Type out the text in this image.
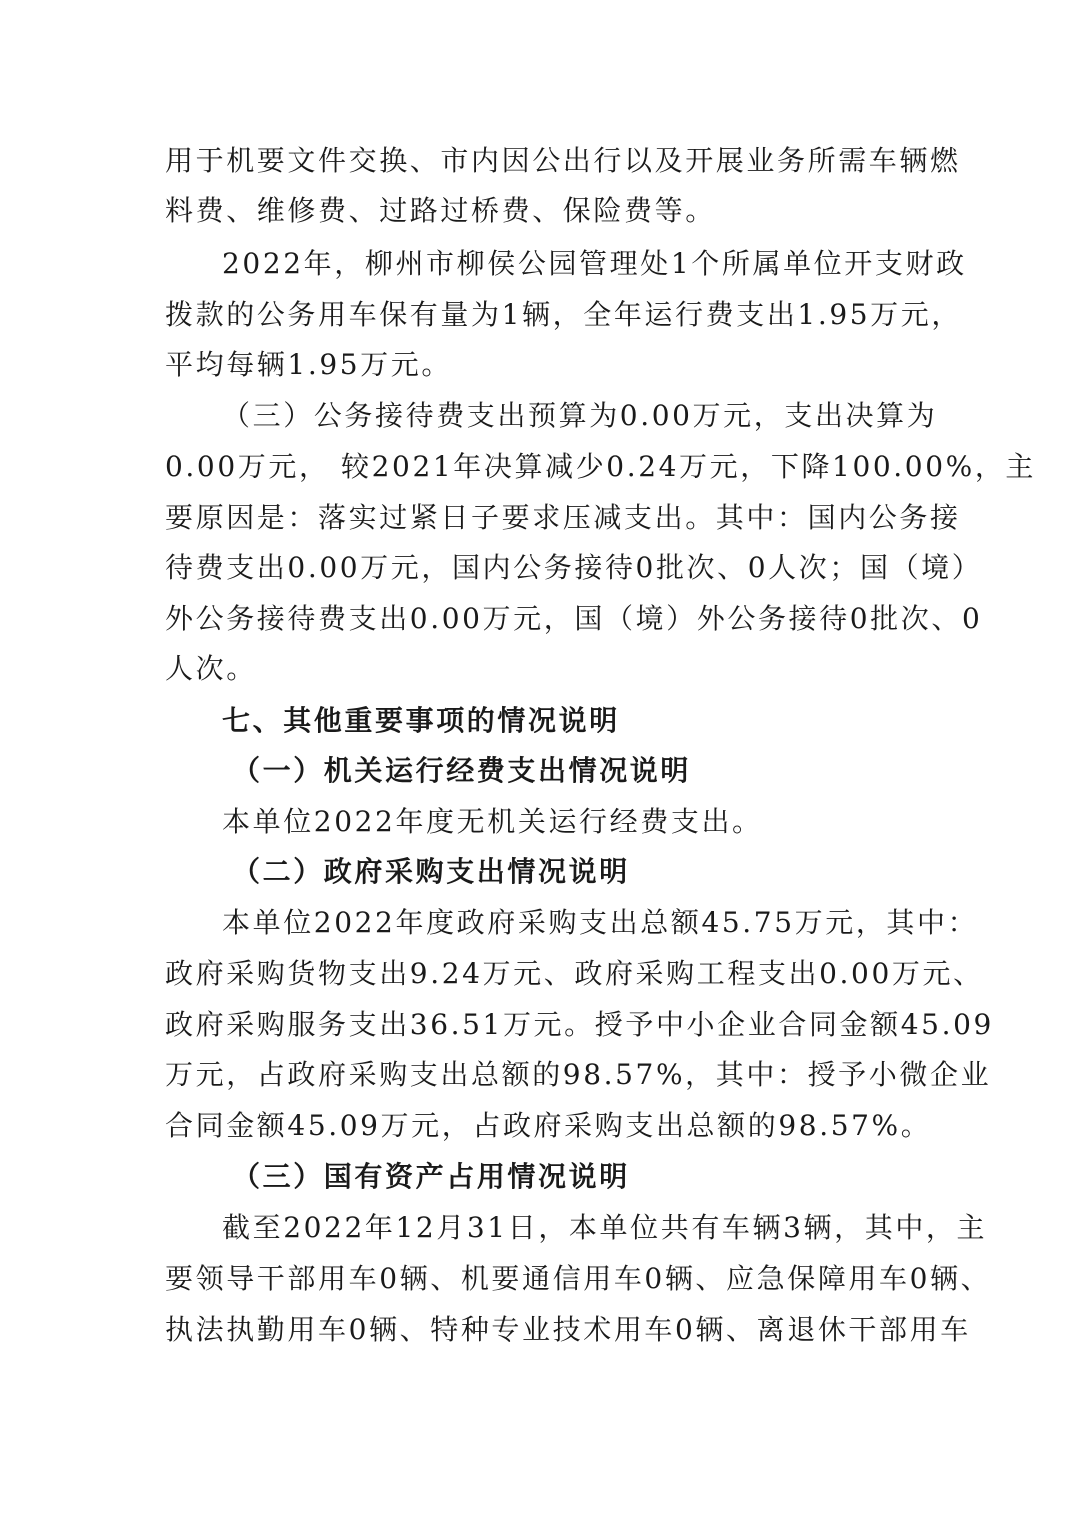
用于机要文件交换、市内因公出行以及开展业务所需车辆燃
料费、维修费、过路过桥费、保险费等。
2022年，柳州市柳侯公园管理处1个所属单位开支财政
拨款的公务用车保有量为1辆，全年运行费支出1.95万元，
平均每辆1.95万元。
（三）公务接待费支出预算为0.00万元，支出决算为
0.00万元， 较2021年决算减少0.24万元，下降100.00%，主
要原因是：落实过紧日子要求压减支出。其中：国内公务接
待费支出0.00万元，国内公务接待0批次、0人次；国（境）
外公务接待费支出0.00万元，国（境）外公务接待0批次、0
人次。
七、其他重要事项的情况说明
（一）机关运行经费支出情况说明
本单位2022年度无机关运行经费支出。
（二）政府采购支出情况说明
本单位2022年度政府采购支出总额45.75万元，其中：
政府采购货物支出9.24万元、政府采购工程支出0.00万元、
政府采购服务支出36.51万元。授予中小企业合同金额45.09
万元，占政府采购支出总额的98.57%，其中：授予小微企业
合同金额45.09万元，占政府采购支出总额的98.57%。
（三）国有资产占用情况说明
截至2022年12月31日，本单位共有车辆3辆，其中，主
要领导干部用车0辆、机要通信用车0辆、应急保障用车0辆、
执法执勤用车0辆、特种专业技术用车0辆、离退休干部用车
